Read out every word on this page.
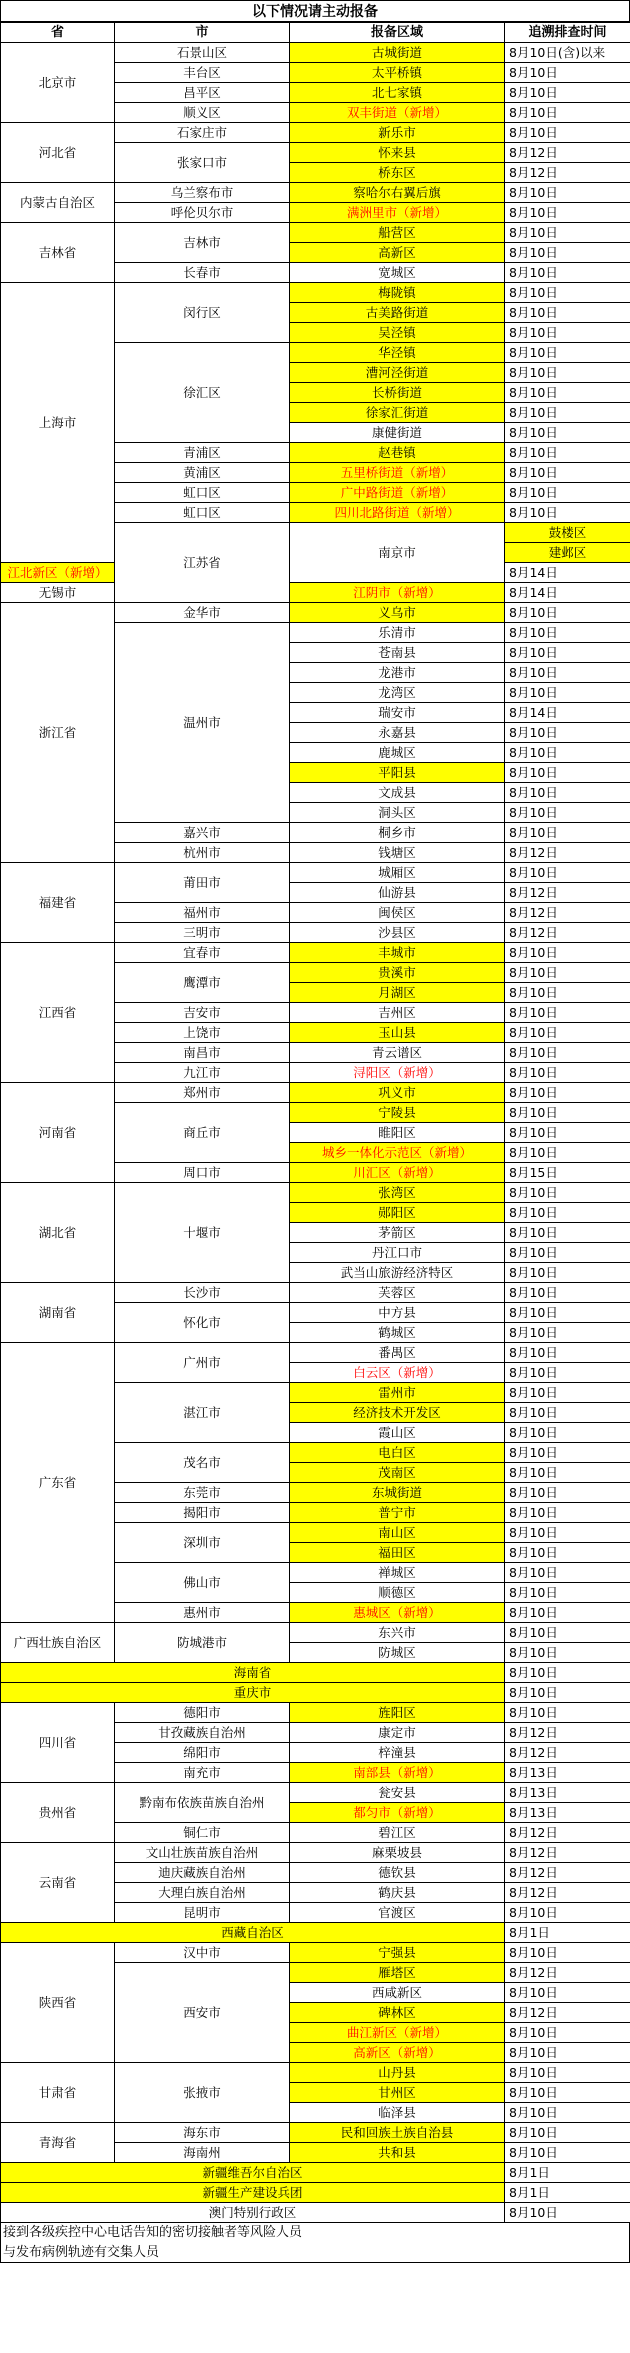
以下情况请主动报备
省	市	报备区域	追溯排查时间	
北京市	石景山区	古城街道	8月10日(含)以来	
	丰台区	太平桥镇	8月10日	
	昌平区	北七家镇	8月10日	
	顺义区	双丰街道（新增）	8月10日	
河北省	石家庄市	新乐市	8月10日	
	张家口市	怀来县	8月12日	
		桥东区	8月12日	
内蒙古自治区	乌兰察布市	察哈尔右翼后旗	8月10日	
	呼伦贝尔市	满洲里市（新增）	8月10日	
吉林省	吉林市	船营区	8月10日	
		高新区	8月10日	
	长春市	宽城区	8月10日	
上海市	闵行区	梅陇镇	8月10日	
		古美路街道	8月10日	
		吴泾镇	8月10日	
	徐汇区	华泾镇	8月10日	
		漕河泾街道	8月10日	
		长桥街道	8月10日	
		徐家汇街道	8月10日	
		康健街道	8月10日	
	青浦区	赵巷镇	8月10日	
	黄浦区	五里桥街道（新增）	8月10日	
	虹口区	广中路街道（新增）	8月10日	
	虹口区	四川北路街道（新增）	8月10日	
	江苏省	南京市	鼓楼区	
			建邺区	
江北新区（新增）			8月14日	
无锡市		江阴市（新增）	8月14日	
浙江省	金华市	义乌市	8月10日	
	温州市	乐清市	8月10日	
		苍南县	8月10日	
		龙港市	8月10日	
		龙湾区	8月10日	
		瑞安市	8月14日	
		永嘉县	8月10日	
		鹿城区	8月10日	
		平阳县	8月10日	
		文成县	8月10日	
		洞头区	8月10日	
	嘉兴市	桐乡市	8月10日	
	杭州市	钱塘区	8月12日	
福建省	莆田市	城厢区	8月10日	
		仙游县	8月12日	
	福州市	闽侯区	8月12日	
	三明市	沙县区	8月12日	
江西省	宜春市	丰城市	8月10日	
	鹰潭市	贵溪市	8月10日	
		月湖区	8月10日	
	吉安市	吉州区	8月10日	
	上饶市	玉山县	8月10日	
	南昌市	青云谱区	8月10日	
	九江市	浔阳区（新增）	8月10日	
河南省	郑州市	巩义市	8月10日	
	商丘市	宁陵县	8月10日	
		睢阳区	8月10日	
		城乡一体化示范区（新增）	8月10日	
	周口市	川汇区（新增）	8月15日	
湖北省	十堰市	张湾区	8月10日	
		郧阳区	8月10日	
		茅箭区	8月10日	
		丹江口市	8月10日	
		武当山旅游经济特区	8月10日	
湖南省	长沙市	芙蓉区	8月10日	
	怀化市	中方县	8月10日	
		鹤城区	8月10日	
广东省	广州市	番禺区	8月10日	
		白云区（新增）	8月10日	
	湛江市	雷州市	8月10日	
		经济技术开发区	8月10日	
		霞山区	8月10日	
	茂名市	电白区	8月10日	
		茂南区	8月10日	
	东莞市	东城街道	8月10日	
	揭阳市	普宁市	8月10日	
	深圳市	南山区	8月10日	
		福田区	8月10日	
	佛山市	禅城区	8月10日	
		顺德区	8月10日	
	惠州市	惠城区（新增）	8月10日	
广西壮族自治区	防城港市	东兴市	8月10日	
		防城区	8月10日	
海南省			8月10日	
重庆市			8月10日	
四川省	德阳市	旌阳区	8月10日	
	甘孜藏族自治州	康定市	8月12日	
	绵阳市	梓潼县	8月12日	
	南充市	南部县（新增）	8月13日	
贵州省	黔南布依族苗族自治州	瓮安县	8月13日	
		都匀市（新增）	8月13日	
	铜仁市	碧江区	8月12日	
云南省	文山壮族苗族自治州	麻栗坡县	8月12日	
	迪庆藏族自治州	德钦县	8月12日	
	大理白族自治州	鹤庆县	8月12日	
	昆明市	官渡区	8月10日	
西藏自治区			8月1日	
陕西省	汉中市	宁强县	8月10日	
	西安市	雁塔区	8月12日	
		西咸新区	8月10日	
		碑林区	8月12日	
		曲江新区（新增）	8月10日	
		高新区（新增）	8月10日	
甘肃省	张掖市	山丹县	8月10日	
		甘州区	8月10日	
		临泽县	8月10日	
青海省	海东市	民和回族土族自治县	8月10日	
	海南州	共和县	8月10日	
新疆维吾尔自治区			8月1日	
新疆生产建设兵团			8月1日	
澳门特别行政区			8月10日	
接到各级疾控中心电话告知的密切接触者等风险人员
与发布病例轨迹有交集人员
